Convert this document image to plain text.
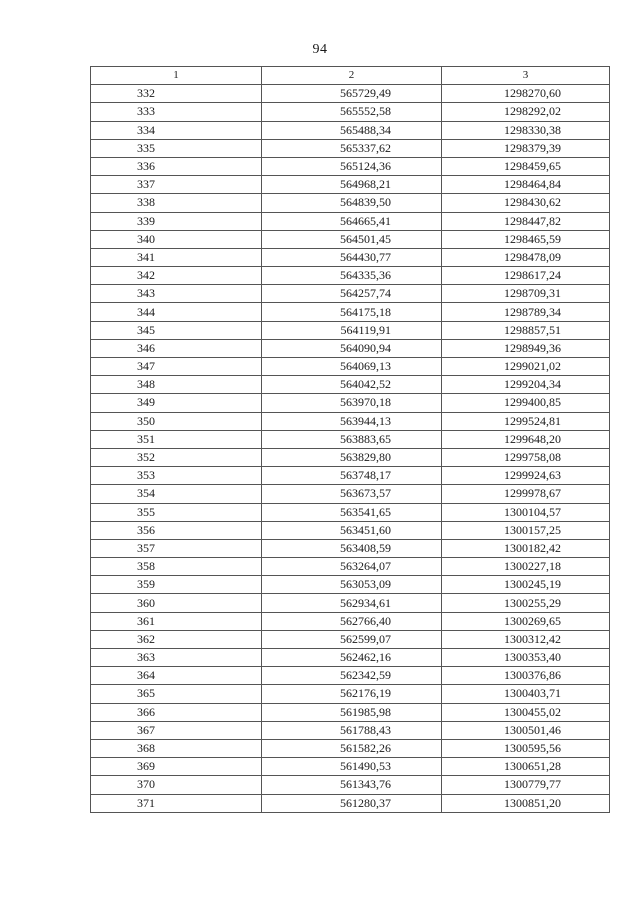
94
1	2	3
332	565729,49	1298270,60
333	565552,58	1298292,02
334	565488,34	1298330,38
335	565337,62	1298379,39
336	565124,36	1298459,65
337	564968,21	1298464,84
338	564839,50	1298430,62
339	564665,41	1298447,82
340	564501,45	1298465,59
341	564430,77	1298478,09
342	564335,36	1298617,24
343	564257,74	1298709,31
344	564175,18	1298789,34
345	564119,91	1298857,51
346	564090,94	1298949,36
347	564069,13	1299021,02
348	564042,52	1299204,34
349	563970,18	1299400,85
350	563944,13	1299524,81
351	563883,65	1299648,20
352	563829,80	1299758,08
353	563748,17	1299924,63
354	563673,57	1299978,67
355	563541,65	1300104,57
356	563451,60	1300157,25
357	563408,59	1300182,42
358	563264,07	1300227,18
359	563053,09	1300245,19
360	562934,61	1300255,29
361	562766,40	1300269,65
362	562599,07	1300312,42
363	562462,16	1300353,40
364	562342,59	1300376,86
365	562176,19	1300403,71
366	561985,98	1300455,02
367	561788,43	1300501,46
368	561582,26	1300595,56
369	561490,53	1300651,28
370	561343,76	1300779,77
371	561280,37	1300851,20
